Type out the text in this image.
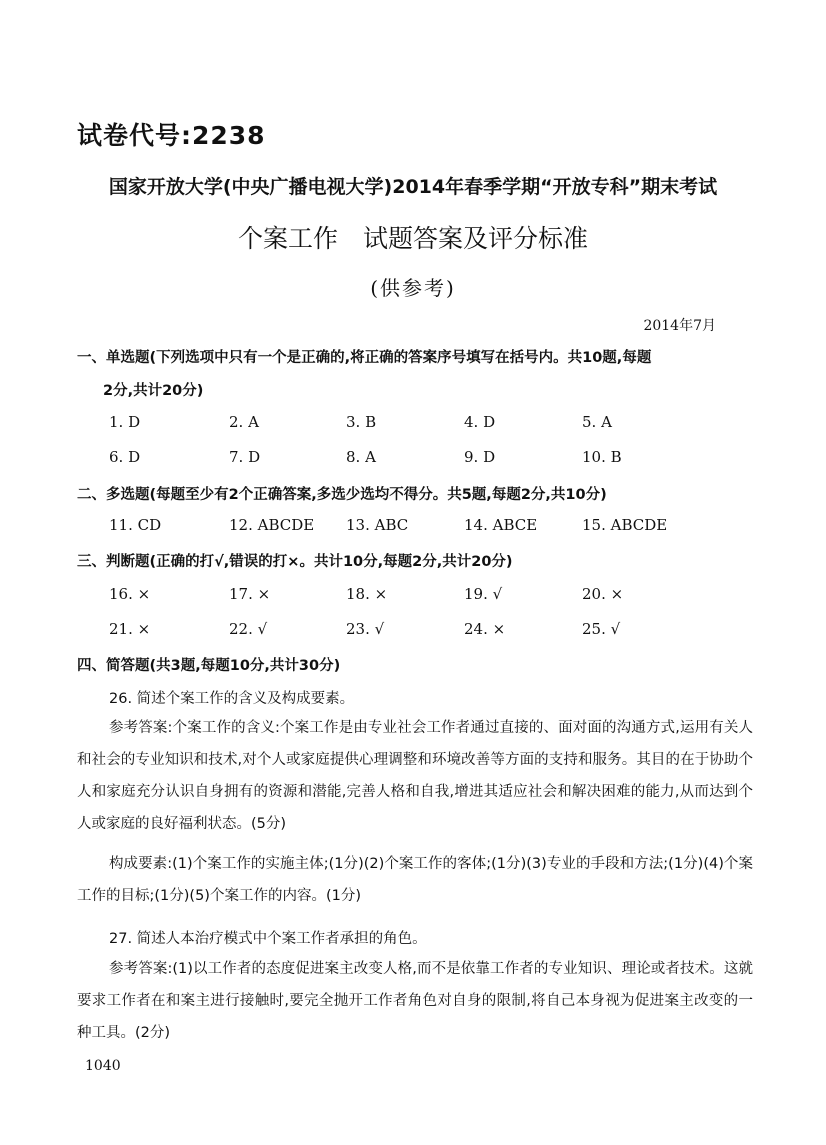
试卷代号:2238
国家开放大学(中央广播电视大学)2014年春季学期“开放专科”期末考试
个案工作　试题答案及评分标准
(供参考)
2014年7月
一、单选题(下列选项中只有一个是正确的,将正确的答案序号填写在括号内。共10题,每题
2分,共计20分)
1. D	2. A	3. B	4. D	5. A
6. D	7. D	8. A	9. D	10. B
二、多选题(每题至少有2个正确答案,多选少选均不得分。共5题,每题2分,共10分)
11. CD	12. ABCDE 13. ABC	14. ABCE	15. ABCDE
三、判断题(正确的打√,错误的打×。共计10分,每题2分,共计20分)
16. ×	17. ×	18. ×	19. √	20. ×
21. ×	22. √	23. √	24. ×	25. √
四、简答题(共3题,每题10分,共计30分)
26. 简述个案工作的含义及构成要素。
参考答案:个案工作的含义:个案工作是由专业社会工作者通过直接的、面对面的沟通方式,运用有关人和社会的专业知识和技术,对个人或家庭提供心理调整和环境改善等方面的支持和服务。其目的在于协助个人和家庭充分认识自身拥有的资源和潜能,完善人格和自我,增进其适应社会和解决困难的能力,从而达到个人或家庭的良好福利状态。(5分)
构成要素:(1)个案工作的实施主体;(1分)(2)个案工作的客体;(1分)(3)专业的手段和方法;(1分)(4)个案工作的目标;(1分)(5)个案工作的内容。(1分)
27. 简述人本治疗模式中个案工作者承担的角色。
参考答案:(1)以工作者的态度促进案主改变人格,而不是依靠工作者的专业知识、理论或者技术。这就要求工作者在和案主进行接触时,要完全抛开工作者角色对自身的限制,将自己本身视为促进案主改变的一种工具。(2分)
1040
